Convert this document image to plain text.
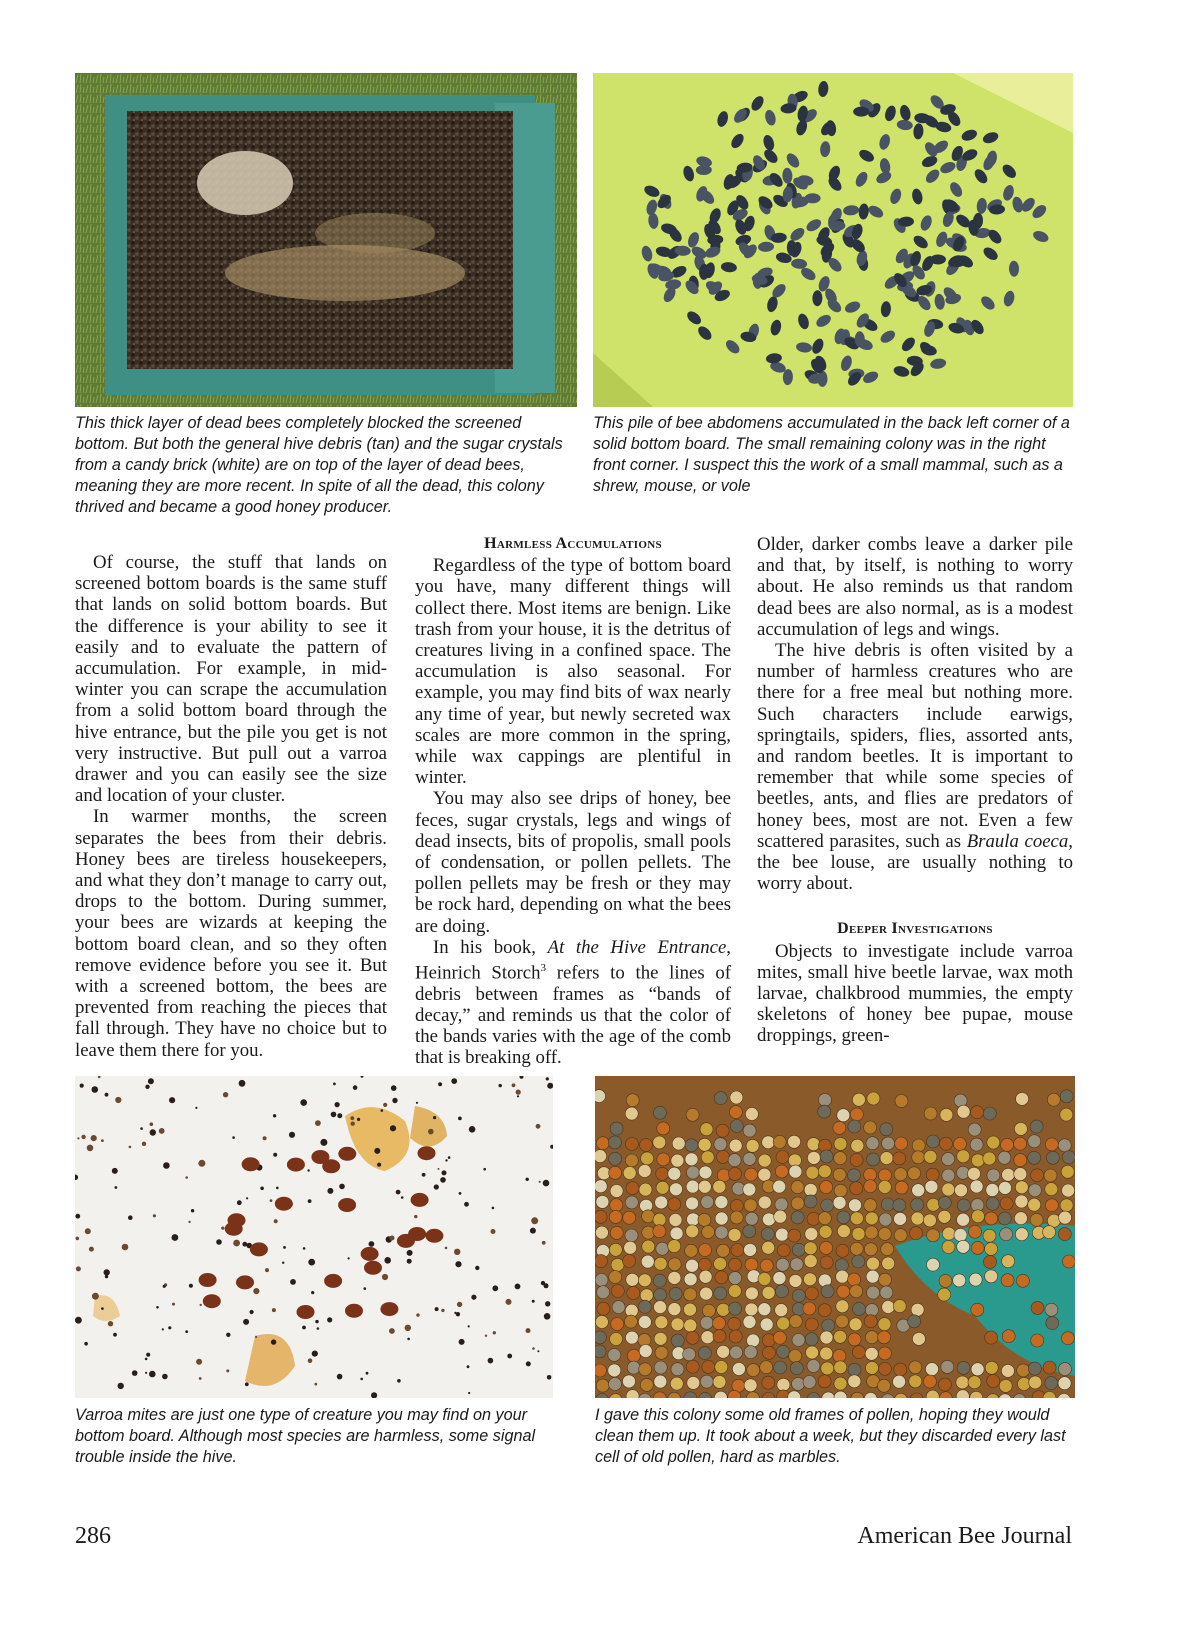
This thick layer of dead bees completely blocked the screened bottom. But both the general hive debris (tan) and the sugar crystals from a candy brick (white) are on top of the layer of dead bees, meaning they are more recent. In spite of all the dead, this colony thrived and became a good honey producer.
This pile of bee abdomens accumulated in the back left corner of a solid bottom board. The small remaining colony was in the right front corner. I suspect this the work of a small mammal, such as a shrew, mouse, or vole

Of course, the stuff that lands on screened bottom boards is the same stuff that lands on solid bottom boards. But the difference is your ability to see it easily and to evaluate the pattern of accumulation. For example, in mid-winter you can scrape the accumulation from a solid bottom board through the hive entrance, but the pile you get is not very instructive. But pull out a varroa drawer and you can easily see the size and location of your cluster.

In warmer months, the screen separates the bees from their debris. Honey bees are tireless housekeepers, and what they don’t manage to carry out, drops to the bottom. During summer, your bees are wizards at keeping the bottom board clean, and so they often remove evidence before you see it. But with a screened bottom, the bees are prevented from reaching the pieces that fall through. They have no choice but to leave them there for you.

Harmless Accumulations

Regardless of the type of bottom board you have, many different things will collect there. Most items are benign. Like trash from your house, it is the detritus of creatures living in a confined space. The accumulation is also seasonal. For example, you may find bits of wax nearly any time of year, but newly secreted wax scales are more common in the spring, while wax cappings are plentiful in winter.

You may also see drips of honey, bee feces, sugar crystals, legs and wings of dead insects, bits of propolis, small pools of condensation, or pollen pellets. The pollen pellets may be fresh or they may be rock hard, depending on what the bees are doing.

In his book, At the Hive Entrance, Heinrich Storch$^3$ refers to the lines of debris between frames as “bands of decay,” and reminds us that the color of the bands varies with the age of the comb that is breaking off.

Older, darker combs leave a darker pile and that, by itself, is nothing to worry about. He also reminds us that random dead bees are also normal, as is a modest accumulation of legs and wings.

The hive debris is often visited by a number of harmless creatures who are there for a free meal but nothing more. Such characters include earwigs, springtails, spiders, flies, assorted ants, and random beetles. It is important to remember that while some species of beetles, ants, and flies are predators of honey bees, most are not. Even a few scattered parasites, such as Braula coeca, the bee louse, are usually nothing to worry about.

Deeper Investigations

Objects to investigate include varroa mites, small hive beetle larvae, wax moth larvae, chalkbrood mummies, the empty skeletons of honey bee pupae, mouse droppings, green-

Varroa mites are just one type of creature you may find on your bottom board. Although most species are harmless, some signal trouble inside the hive.
I gave this colony some old frames of pollen, hoping they would clean them up. It took about a week, but they discarded every last cell of old pollen, hard as marbles.
286	American Bee Journal
